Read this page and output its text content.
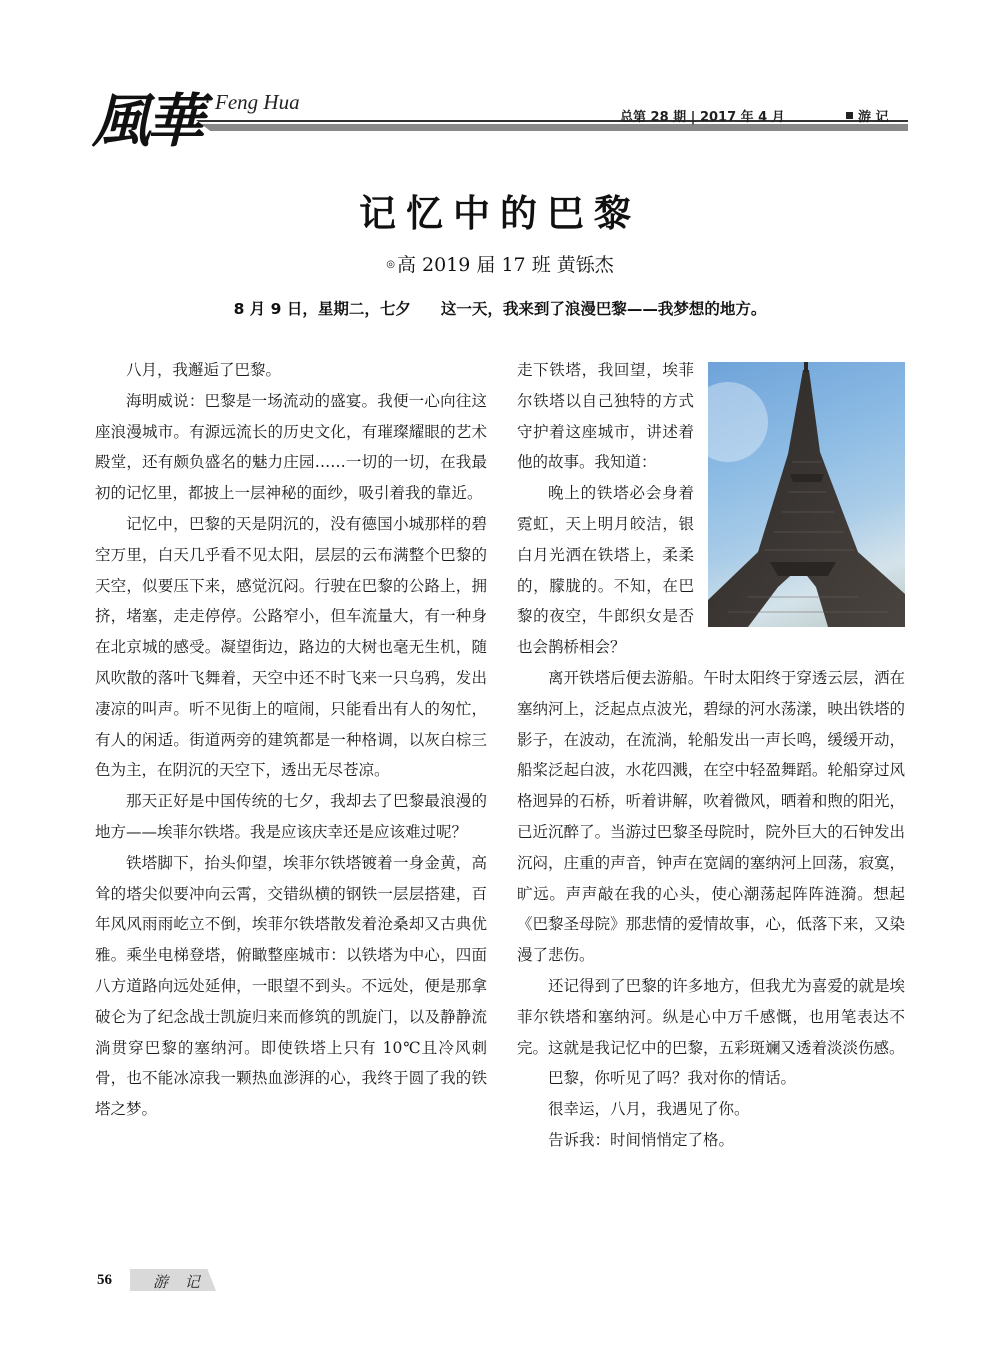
風華 · Feng Hua
总第 28 期 | 2017 年 4 月	游 记
记忆中的巴黎
◎ 高 2019 届 17 班 黄铄杰
8 月 9 日，星期二，七夕 这一天，我来到了浪漫巴黎——我梦想的地方。

八月，我邂逅了巴黎。

海明威说：巴黎是一场流动的盛宴。我便一心向往这座浪漫城市。有源远流长的历史文化，有璀璨耀眼的艺术殿堂，还有颇负盛名的魅力庄园……一切的一切，在我最初的记忆里，都披上一层神秘的面纱，吸引着我的靠近。

记忆中，巴黎的天是阴沉的，没有德国小城那样的碧空万里，白天几乎看不见太阳，层层的云布满整个巴黎的天空，似要压下来，感觉沉闷。行驶在巴黎的公路上，拥挤，堵塞，走走停停。公路窄小，但车流量大，有一种身在北京城的感受。凝望街边，路边的大树也毫无生机，随风吹散的落叶飞舞着，天空中还不时飞来一只乌鸦，发出凄凉的叫声。听不见街上的喧闹，只能看出有人的匆忙，有人的闲适。街道两旁的建筑都是一种格调，以灰白棕三色为主，在阴沉的天空下，透出无尽苍凉。

那天正好是中国传统的七夕，我却去了巴黎最浪漫的地方——埃菲尔铁塔。我是应该庆幸还是应该难过呢？

铁塔脚下，抬头仰望，埃菲尔铁塔镀着一身金黄，高耸的塔尖似要冲向云霄，交错纵横的钢铁一层层搭建，百年风风雨雨屹立不倒，埃菲尔铁塔散发着沧桑却又古典优雅。乘坐电梯登塔，俯瞰整座城市：以铁塔为中心，四面八方道路向远处延伸，一眼望不到头。不远处，便是那拿破仑为了纪念战士凯旋归来而修筑的凯旋门，以及静静流淌贯穿巴黎的塞纳河。即使铁塔上只有 10℃且冷风刺骨，也不能冰凉我一颗热血澎湃的心，我终于圆了我的铁塔之梦。

走下铁塔，我回望，埃菲尔铁塔以自己独特的方式守护着这座城市，讲述着他的故事。我知道：

晚上的铁塔必会身着霓虹，天上明月皎洁，银白月光洒在铁塔上，柔柔的，朦胧的。不知，在巴黎的夜空，牛郎织女是否也会鹊桥相会？

离开铁塔后便去游船。午时太阳终于穿透云层，洒在塞纳河上，泛起点点波光，碧绿的河水荡漾，映出铁塔的影子，在波动，在流淌，轮船发出一声长鸣，缓缓开动，船桨泛起白波，水花四溅，在空中轻盈舞蹈。轮船穿过风格迥异的石桥，听着讲解，吹着微风，晒着和煦的阳光，已近沉醉了。当游过巴黎圣母院时，院外巨大的石钟发出沉闷，庄重的声音，钟声在宽阔的塞纳河上回荡，寂寞，旷远。声声敲在我的心头，使心潮荡起阵阵涟漪。想起《巴黎圣母院》那悲情的爱情故事，心，低落下来，又染漫了悲伤。

还记得到了巴黎的许多地方，但我尤为喜爱的就是埃菲尔铁塔和塞纳河。纵是心中万千感慨，也用笔表达不完。这就是我记忆中的巴黎，五彩斑斓又透着淡淡伤感。

巴黎，你听见了吗？我对你的情话。

很幸运，八月，我遇见了你。

告诉我：时间悄悄定了格。

56	游 记
